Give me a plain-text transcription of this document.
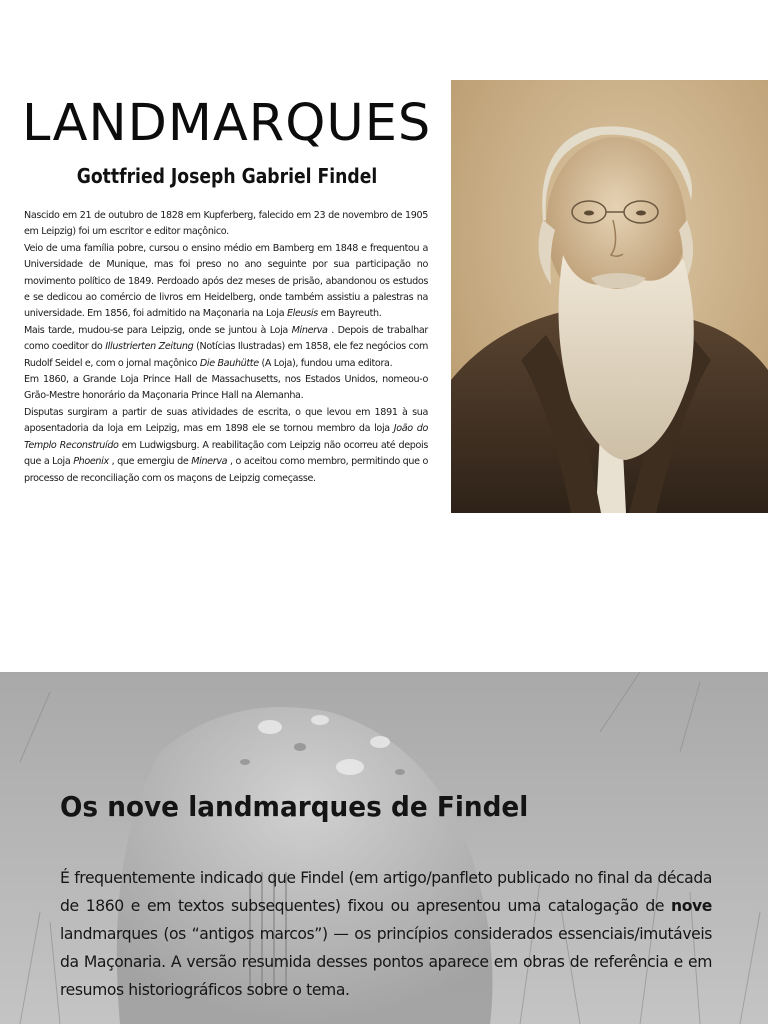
LANDMARQUES
Gottfried Joseph Gabriel Findel

Nascido em 21 de outubro de 1828 em Kupferberg, falecido em 23 de novembro de 1905 em Leipzig) foi um escritor e editor maçônico.

Veio de uma família pobre, cursou o ensino médio em Bamberg em 1848 e frequentou a Universidade de Munique, mas foi preso no ano seguinte por sua participação no movimento político de 1849. Perdoado após dez meses de prisão, abandonou os estudos e se dedicou ao comércio de livros em Heidelberg, onde também assistiu a palestras na universidade. Em 1856, foi admitido na Maçonaria na Loja Eleusis em Bayreuth.

Mais tarde, mudou-se para Leipzig, onde se juntou à Loja Minerva . Depois de trabalhar como coeditor do Illustrierten Zeitung (Notícias Ilustradas) em 1858, ele fez negócios com Rudolf Seidel e, com o jornal maçônico Die Bauhütte (A Loja), fundou uma editora.

Em 1860, a Grande Loja Prince Hall de Massachusetts, nos Estados Unidos, nomeou-o Grão-Mestre honorário da Maçonaria Prince Hall na Alemanha.

Disputas surgiram a partir de suas atividades de escrita, o que levou em 1891 à sua aposentadoria da loja em Leipzig, mas em 1898 ele se tornou membro da loja João do Templo Reconstruído em Ludwigsburg. A reabilitação com Leipzig não ocorreu até depois que a Loja Phoenix , que emergiu de Minerva , o aceitou como membro, permitindo que o processo de reconciliação com os maçons de Leipzig começasse.

Os nove landmarques de Findel
É frequentemente indicado que Findel (em artigo/panfleto publicado no final da década de 1860 e em textos subsequentes) fixou ou apresentou uma catalogação de nove landmarques (os “antigos marcos”) — os princípios considerados essenciais/imutáveis da Maçonaria. A versão resumida desses pontos aparece em obras de referência e em resumos historiográficos sobre o tema.
